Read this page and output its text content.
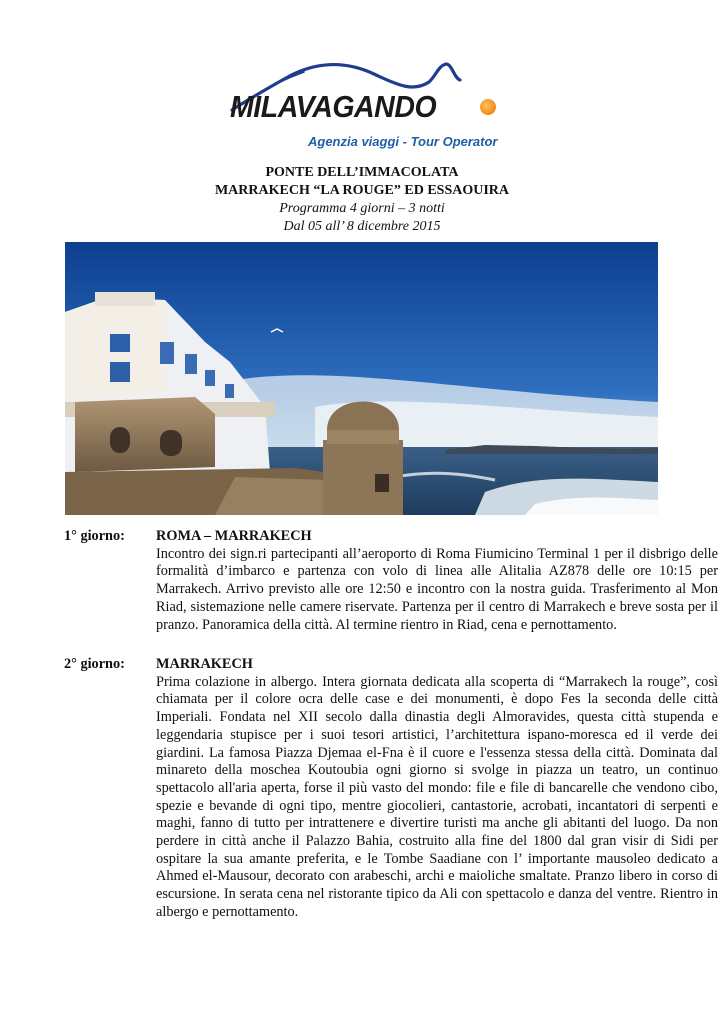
MILAVAGANDO
Agenzia viaggi - Tour Operator
PONTE DELL’IMMACOLATA
MARRAKECH “LA ROUGE” ED ESSAOUIRA
Programma 4 giorni – 3 notti
Dal 05 all’ 8 dicembre 2015
1° giorno:	ROMA – MARRAKECH
Incontro dei sign.ri partecipanti all’aeroporto di Roma Fiumicino Terminal 1 per il disbrigo delle formalità d’imbarco e partenza con volo di linea alle Alitalia AZ878 delle ore 10:15 per Marrakech. Arrivo previsto alle ore 12:50 e incontro con la nostra guida. Trasferimento al Mon Riad, sistemazione nelle camere riservate. Partenza per il centro di Marrakech e breve sosta per il pranzo. Panoramica della città. Al termine rientro in Riad, cena e pernottamento.
2° giorno:	MARRAKECH
Prima colazione in albergo. Intera giornata dedicata alla scoperta di “Marrakech la rouge”, così chiamata per il colore ocra delle case e dei monumenti, è dopo Fes la seconda delle città Imperiali. Fondata nel XII secolo dalla dinastia degli Almoravides, questa città stupenda e leggendaria stupisce per i suoi tesori artistici, l’architettura ispano-moresca ed il verde dei giardini. La famosa Piazza Djemaa el-Fna è il cuore e l'essenza stessa della città. Dominata dal minareto della moschea Koutoubia ogni giorno si svolge in piazza un teatro, un continuo spettacolo all'aria aperta, forse il più vasto del mondo: file e file di bancarelle che vendono cibo, spezie e bevande di ogni tipo, mentre giocolieri, cantastorie, acrobati, incantatori di serpenti e maghi, fanno di tutto per intrattenere e divertire turisti ma anche gli abitanti del luogo. Da non perdere in città anche il Palazzo Bahia, costruito alla fine del 1800 dal gran visir di Sidi per ospitare la sua amante preferita, e le Tombe Saadiane con l’ importante mausoleo dedicato a Ahmed el-Mausour, decorato con arabeschi, archi e maioliche smaltate. Pranzo libero in corso di escursione. In serata cena nel ristorante tipico da Ali con spettacolo e danza del ventre. Rientro in albergo e pernottamento.
